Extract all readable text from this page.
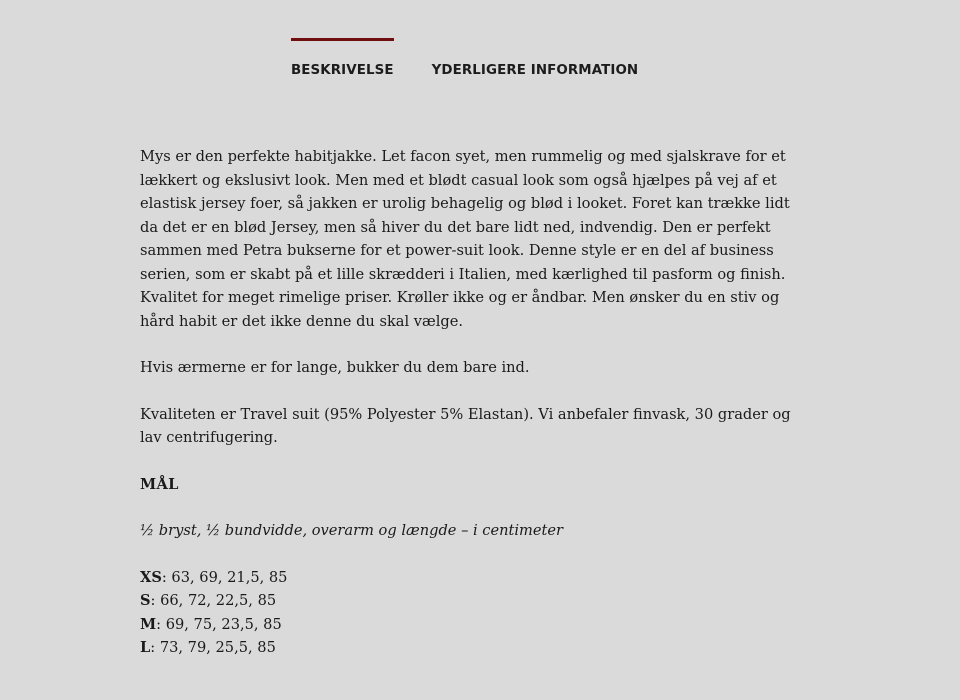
BESKRIVELSE	YDERLIGERE INFORMATION

Mys er den perfekte habitjakke. Let facon syet, men rummelig og med sjalskrave for et lækkert og ekslusivt look. Men med et blødt casual look som også hjælpes på vej af et elastisk jersey foer, så jakken er urolig behagelig og blød i looket. Foret kan trække lidt da det er en blød Jersey, men så hiver du det bare lidt ned, indvendig. Den er perfekt sammen med Petra bukserne for et power-suit look. Denne style er en del af business serien, som er skabt på et lille skrædderi i Italien, med kærlighed til pasform og finish. Kvalitet for meget rimelige priser. Krøller ikke og er åndbar. Men ønsker du en stiv og hård habit er det ikke denne du skal vælge.

Hvis ærmerne er for lange, bukker du dem bare ind.

Kvaliteten er Travel suit (95% Polyester 5% Elastan). Vi anbefaler finvask, 30 grader og lav centrifugering.

MÅL

½ bryst, ½ bundvidde, overarm og længde – i centimeter

XS: 63, 69, 21,5, 85

S: 66, 72, 22,5, 85

M: 69, 75, 23,5, 85

L: 73, 79, 25,5, 85
